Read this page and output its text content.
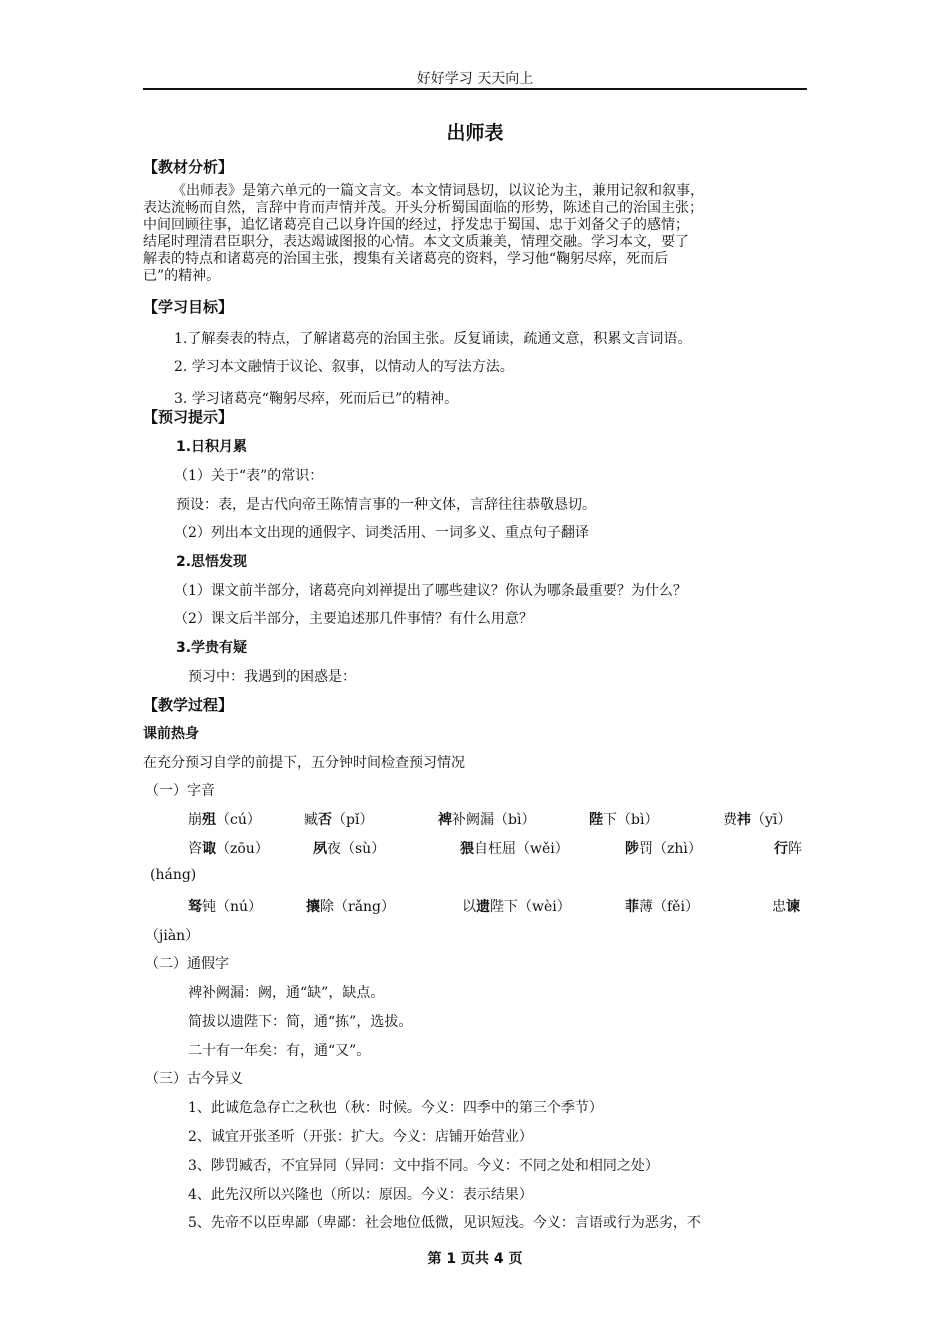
好好学习 天天向上
出师表
【教材分析】
《出师表》是第六单元的一篇文言文。本文情词恳切，以议论为主，兼用记叙和叙事，
表达流畅而自然，言辞中肯而声情并茂。开头分析蜀国面临的形势，陈述自己的治国主张；
中间回顾往事，追忆诸葛亮自己以身许国的经过，抒发忠于蜀国、忠于刘备父子的感情；
结尾时理清君臣职分，表达竭诚图报的心情。本文文质兼美，情理交融。学习本文，要了
解表的特点和诸葛亮的治国主张，搜集有关诸葛亮的资料，学习他“鞠躬尽瘁，死而后
已”的精神。
【学习目标】
1.了解奏表的特点，了解诸葛亮的治国主张。反复诵读，疏通文意，积累文言词语。
2. 学习本文融情于议论、叙事，以情动人的写法方法。
3. 学习诸葛亮“鞠躬尽瘁，死而后已”的精神。
【预习提示】
1.日积月累
（1）关于“表”的常识：
预设：表，是古代向帝王陈情言事的一种文体，言辞往往恭敬恳切。
（2）列出本文出现的通假字、词类活用、一词多义、重点句子翻译
2.思悟发现
（1）课文前半部分，诸葛亮向刘禅提出了哪些建议？你认为哪条最重要？为什么？
（2）课文后半部分，主要追述那几件事情？有什么用意？
3.学贵有疑
预习中：我遇到的困惑是：
【教学过程】
课前热身
在充分预习自学的前提下，五分钟时间检查预习情况
（一）字音
崩殂（cú）	臧否（pǐ）	裨补阙漏（bì）	陛下（bì）	费祎（yī）
咨诹（zōu）	夙夜（sù）	猥自枉屈（wěi）	陟罚（zhì）	行阵
(háng)
驽钝（nú）	攘除（rǎng）	以遗陛下（wèi）	菲薄（fěi）	忠谏
（jiàn）
（二）通假字
裨补阙漏：阙，通“缺”，缺点。
简拔以遗陛下：简，通“拣”，选拔。
二十有一年矣：有，通“又”。
（三）古今异义
1、此诚危急存亡之秋也（秋：时候。今义：四季中的第三个季节）
2、诚宜开张圣听（开张：扩大。今义：店铺开始营业）
3、陟罚臧否，不宜异同（异同：文中指不同。今义：不同之处和相同之处）
4、此先汉所以兴隆也（所以：原因。今义：表示结果）
5、先帝不以臣卑鄙（卑鄙：社会地位低微，见识短浅。今义：言语或行为恶劣，不
第 1 页共 4 页
